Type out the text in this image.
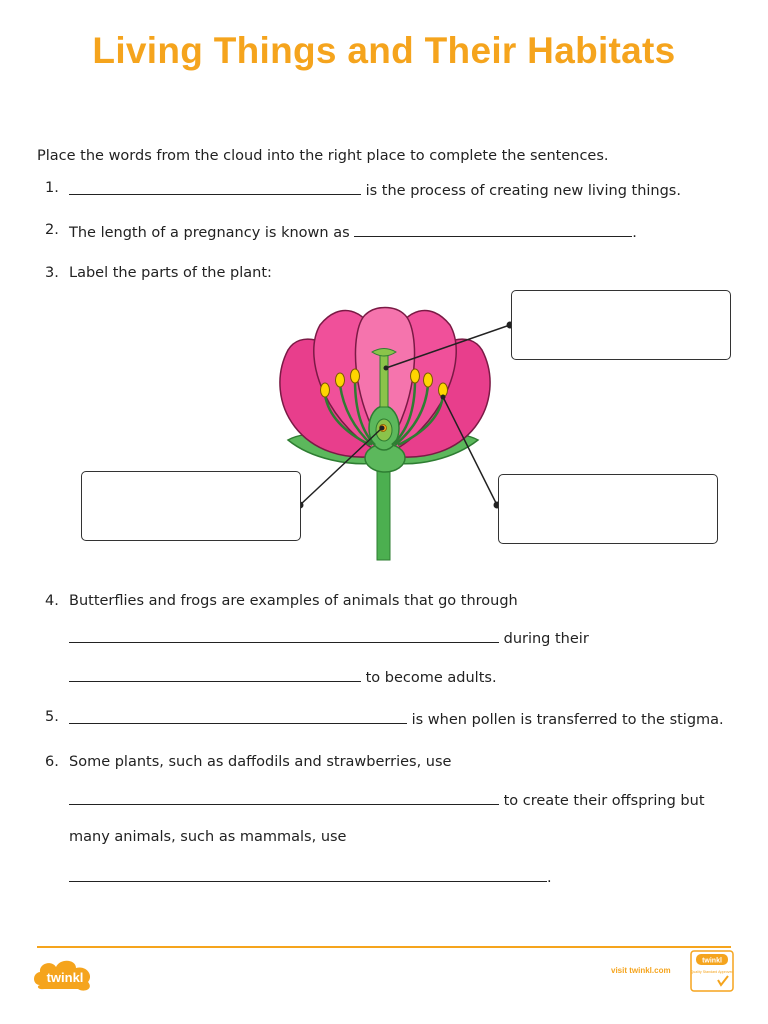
Living Things and Their Habitats
Place the words from the cloud into the right place to complete the sentences.
1.	is the process of creating new living things.
2. The length of a pregnancy is known as	.
3. Label the parts of the plant:
4. Butterflies and frogs are examples of animals that go through
during their
to become adults.
5.	is when pollen is transferred to the stigma.
6. Some plants, such as daffodils and strawberries, use
to create their offspring but
many animals, such as mammals, use
.
twinkl	visit twinkl.com
twinkl
Quality Standard Approved
